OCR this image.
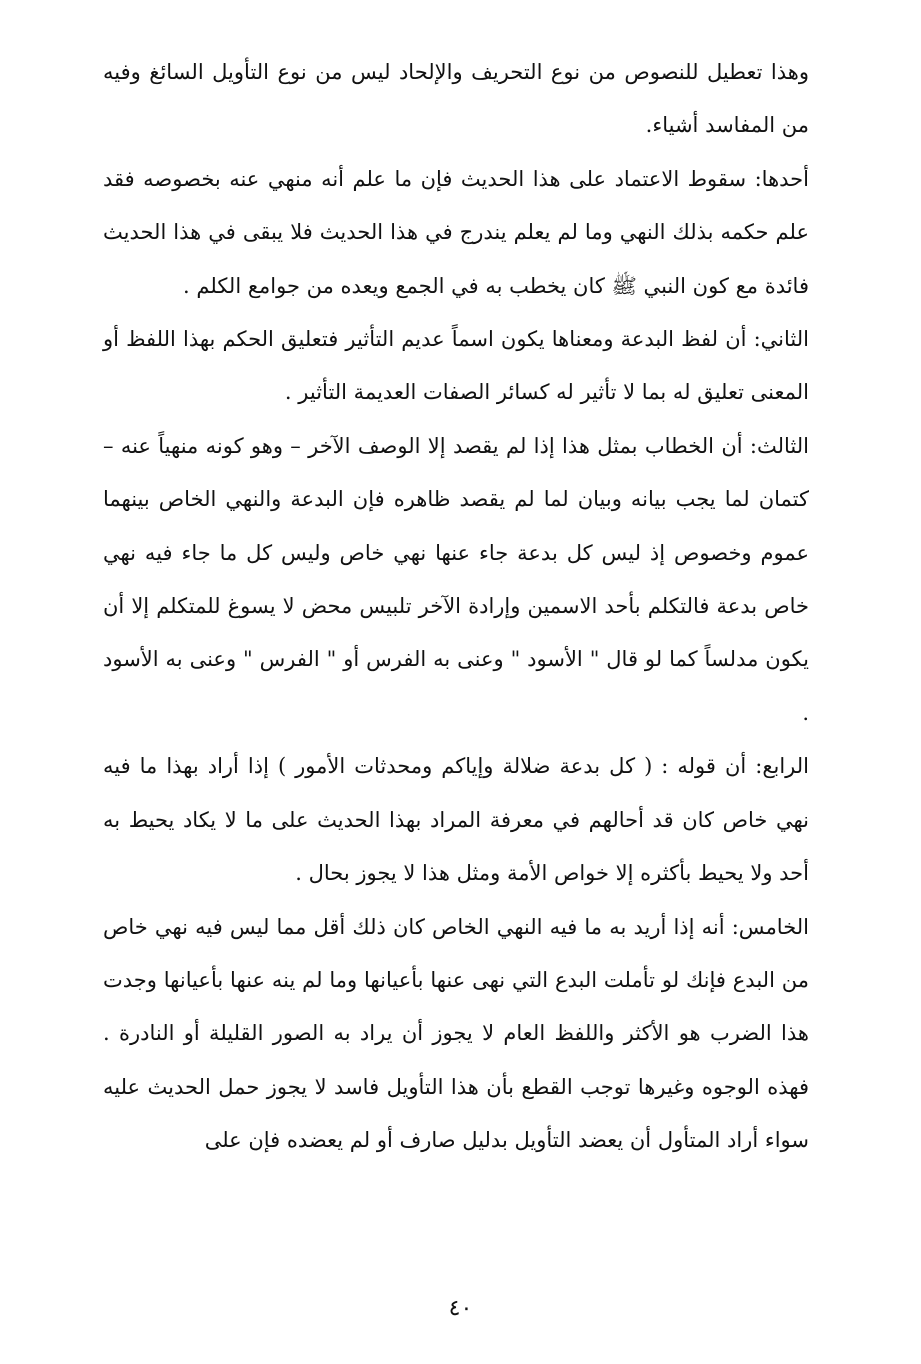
وهذا تعطيل للنصوص من نوع التحريف والإلحاد ليس من نوع التأويل السائغ وفيه من المفاسد أشياء.

أحدها: سقوط الاعتماد على هذا الحديث فإن ما علم أنه منهي عنه بخصوصه فقد علم حكمه بذلك النهي وما لم يعلم يندرج في هذا الحديث فلا يبقى في هذا الحديث فائدة مع كون النبي ﷺ كان يخطب به في الجمع ويعده من جوامع الكلم .

الثاني: أن لفظ البدعة ومعناها يكون اسماً عديم التأثير فتعليق الحكم بهذا اللفظ أو المعنى تعليق له بما لا تأثير له كسائر الصفات العديمة التأثير .

الثالث: أن الخطاب بمثل هذا إذا لم يقصد إلا الوصف الآخر – وهو كونه منهياً عنه – كتمان لما يجب بيانه وبيان لما لم يقصد ظاهره فإن البدعة والنهي الخاص بينهما عموم وخصوص إذ ليس كل بدعة جاء عنها نهي خاص وليس كل ما جاء فيه نهي خاص بدعة فالتكلم بأحد الاسمين وإرادة الآخر تلبيس محض لا يسوغ للمتكلم إلا أن يكون مدلساً كما لو قال " الأسود " وعنى به الفرس أو " الفرس " وعنى به الأسود .

الرابع: أن قوله : ( كل بدعة ضلالة وإياكم ومحدثات الأمور ) إذا أراد بهذا ما فيه نهي خاص كان قد أحالهم في معرفة المراد بهذا الحديث على ما لا يكاد يحيط به أحد ولا يحيط بأكثره إلا خواص الأمة ومثل هذا لا يجوز بحال .

الخامس: أنه إذا أريد به ما فيه النهي الخاص كان ذلك أقل مما ليس فيه نهي خاص من البدع فإنك لو تأملت البدع التي نهى عنها بأعيانها وما لم ينه عنها بأعيانها وجدت هذا الضرب هو الأكثر واللفظ العام لا يجوز أن يراد به الصور القليلة أو النادرة . فهذه الوجوه وغيرها توجب القطع بأن هذا التأويل فاسد لا يجوز حمل الحديث عليه سواء أراد المتأول أن يعضد التأويل بدليل صارف أو لم يعضده فإن على

٤٠
